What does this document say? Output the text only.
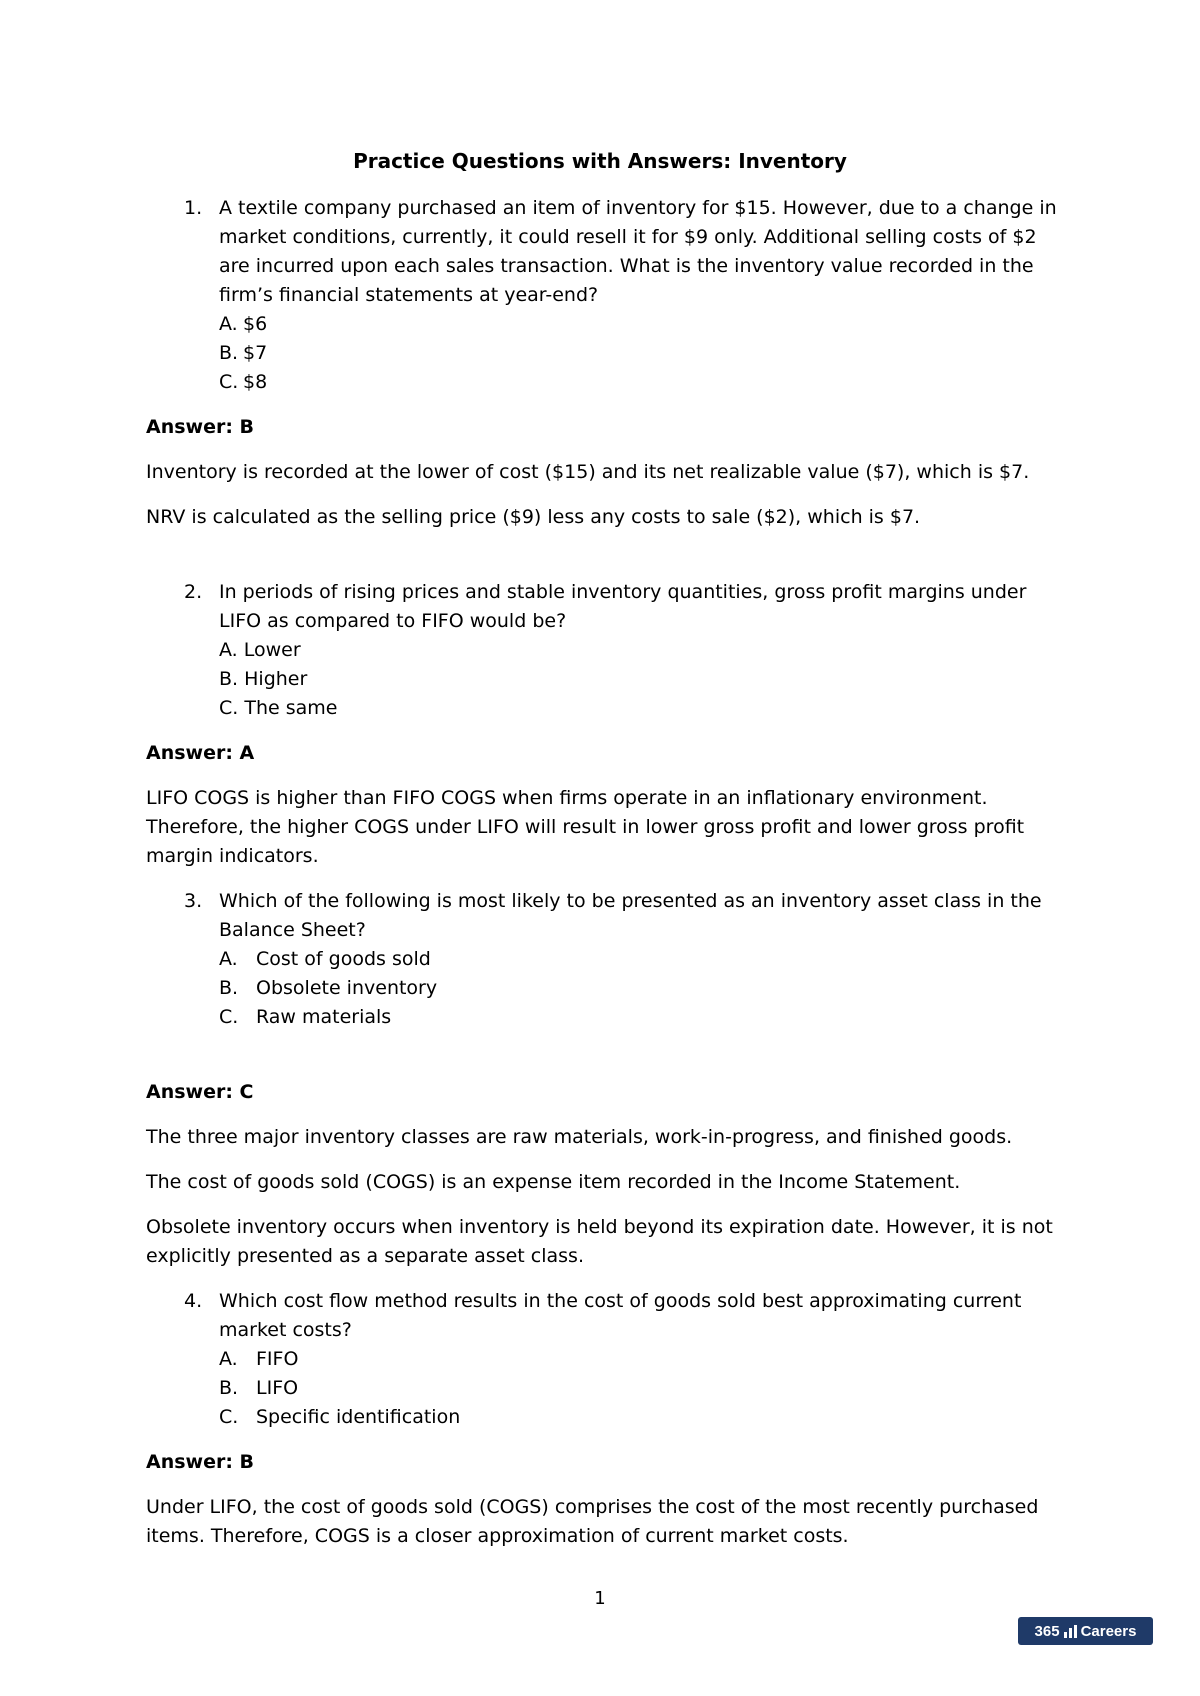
Practice Questions with Answers: Inventory
1. A textile company purchased an item of inventory for $15. However, due to a change in market conditions, currently, it could resell it for $9 only. Additional selling costs of $2 are incurred upon each sales transaction. What is the inventory value recorded in the firm’s financial statements at year-end?
A. $6
B. $7
C. $8
Answer: B
Inventory is recorded at the lower of cost ($15) and its net realizable value ($7), which is $7.
NRV is calculated as the selling price ($9) less any costs to sale ($2), which is $7.
2. In periods of rising prices and stable inventory quantities, gross profit margins under LIFO as compared to FIFO would be?
A. Lower
B. Higher
C. The same
Answer: A
LIFO COGS is higher than FIFO COGS when firms operate in an inflationary environment. Therefore, the higher COGS under LIFO will result in lower gross profit and lower gross profit margin indicators.
3. Which of the following is most likely to be presented as an inventory asset class in the Balance Sheet?
A. Cost of goods sold
B. Obsolete inventory
C. Raw materials
Answer: C
The three major inventory classes are raw materials, work-in-progress, and finished goods.
The cost of goods sold (COGS) is an expense item recorded in the Income Statement.
Obsolete inventory occurs when inventory is held beyond its expiration date. However, it is not explicitly presented as a separate asset class.
4. Which cost flow method results in the cost of goods sold best approximating current market costs?
A. FIFO
B. LIFO
C. Specific identification
Answer: B
Under LIFO, the cost of goods sold (COGS) comprises the cost of the most recently purchased items. Therefore, COGS is a closer approximation of current market costs.
1
365 Careers
